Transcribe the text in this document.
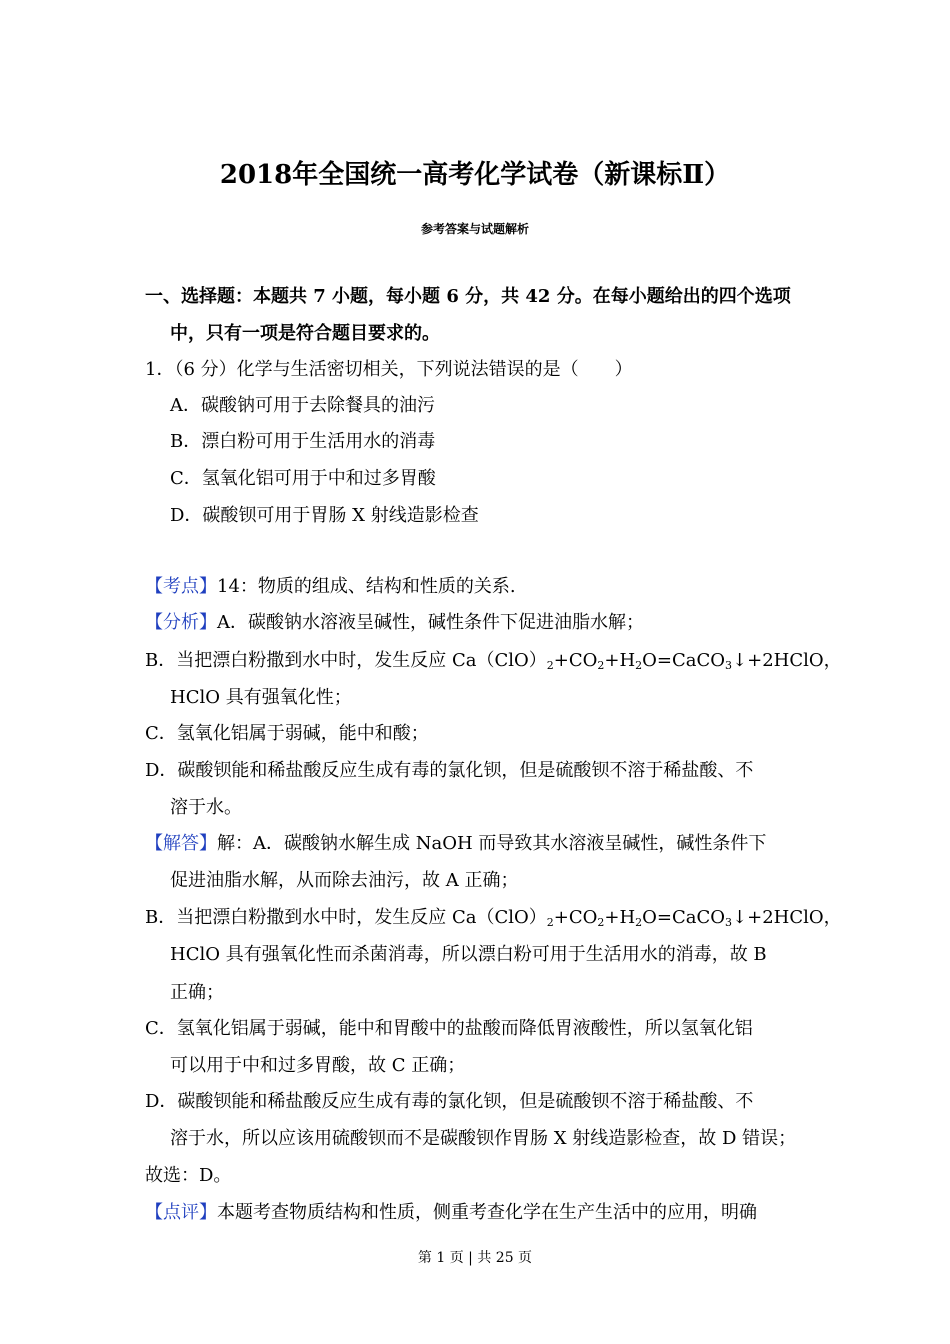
2018年全国统一高考化学试卷（新课标Ⅱ）
参考答案与试题解析
一、选择题：本题共 7 小题，每小题 6 分，共 42 分。在每小题给出的四个选项
中，只有一项是符合题目要求的。
1．（6 分）化学与生活密切相关，下列说法错误的是（　　）
A．碳酸钠可用于去除餐具的油污
B．漂白粉可用于生活用水的消毒
C．氢氧化铝可用于中和过多胃酸
D．碳酸钡可用于胃肠 X 射线造影检查
【考点】14：物质的组成、结构和性质的关系.
【分析】A．碳酸钠水溶液呈碱性，碱性条件下促进油脂水解；
B．当把漂白粉撒到水中时，发生反应 $Ca(ClO)_2+CO_2+H_2O=CaCO_3↓+2HClO$，
HClO 具有强氧化性；
C．氢氧化铝属于弱碱，能中和酸；
D．碳酸钡能和稀盐酸反应生成有毒的氯化钡，但是硫酸钡不溶于稀盐酸、不
溶于水。
【解答】解：A．碳酸钠水解生成 NaOH 而导致其水溶液呈碱性，碱性条件下
促进油脂水解，从而除去油污，故 A 正确；
B．当把漂白粉撒到水中时，发生反应 $Ca(ClO)_2+CO_2+H_2O=CaCO_3↓+2HClO$，
HClO 具有强氧化性而杀菌消毒，所以漂白粉可用于生活用水的消毒，故 B
正确；
C．氢氧化铝属于弱碱，能中和胃酸中的盐酸而降低胃液酸性，所以氢氧化铝
可以用于中和过多胃酸，故 C 正确；
D．碳酸钡能和稀盐酸反应生成有毒的氯化钡，但是硫酸钡不溶于稀盐酸、不
溶于水，所以应该用硫酸钡而不是碳酸钡作胃肠 X 射线造影检查，故 D 错误；
故选：D。
【点评】本题考查物质结构和性质，侧重考查化学在生产生活中的应用，明确
第 1 页 | 共 25 页
